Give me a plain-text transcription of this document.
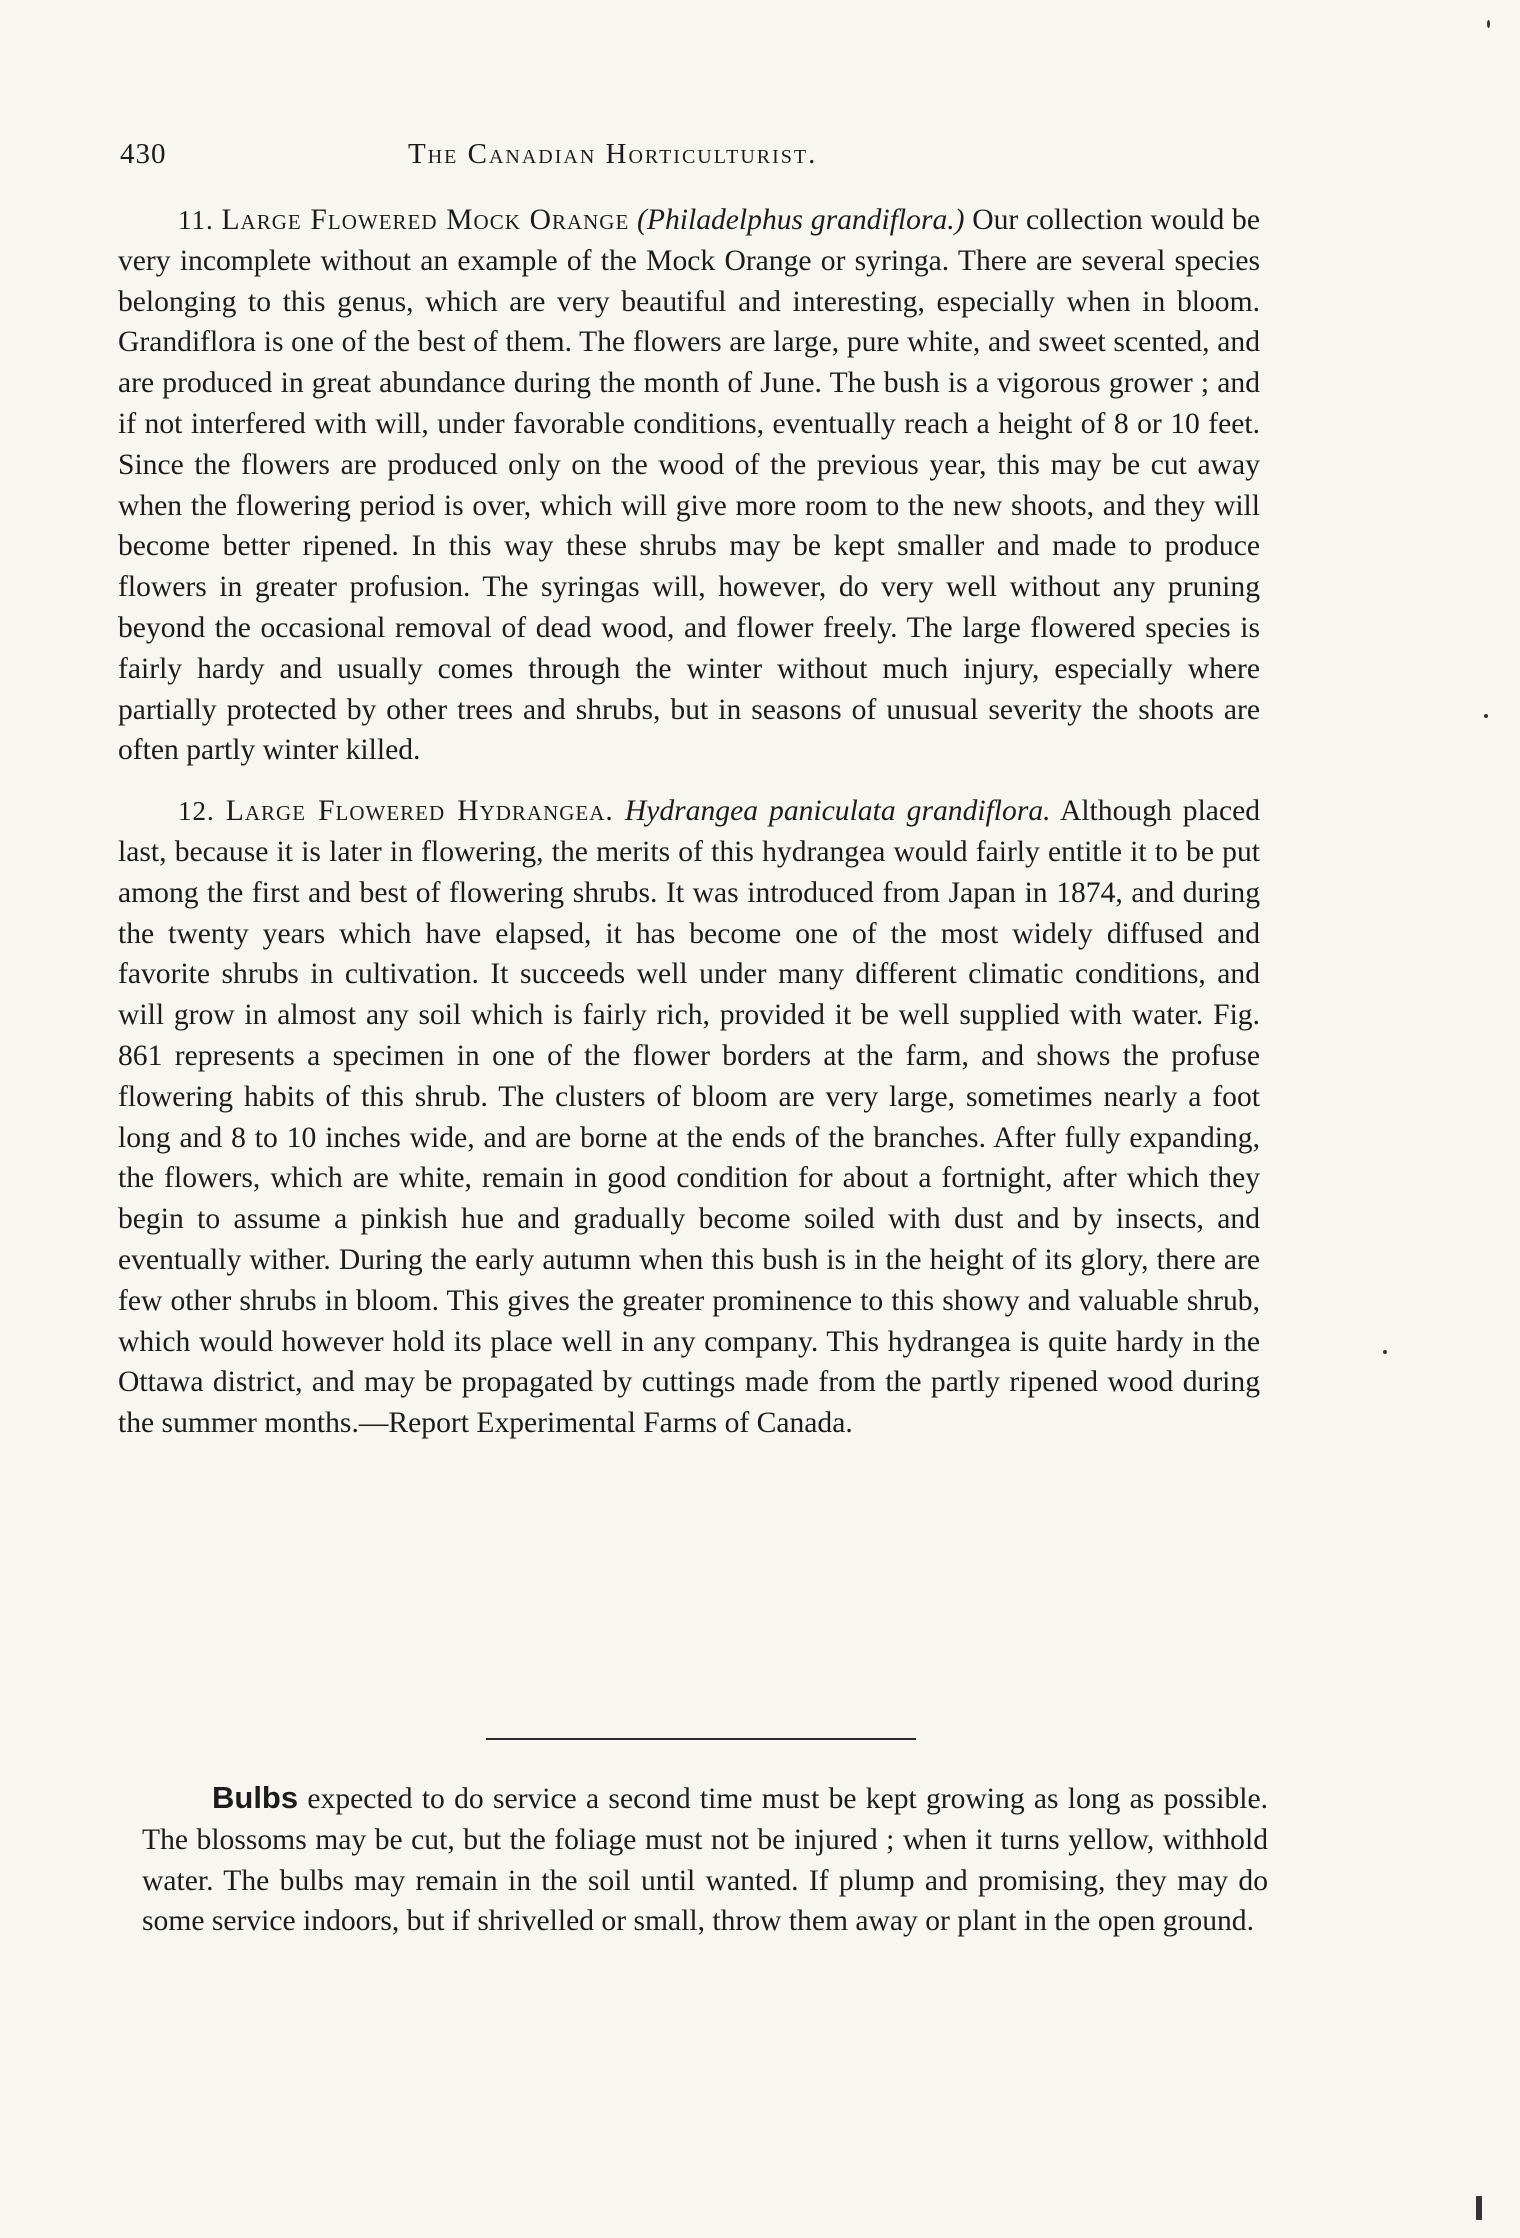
430	The Canadian Horticulturist.

11. Large Flowered Mock Orange (Philadelphus grandiflora.) Our collection would be very incomplete without an example of the Mock Orange or syringa. There are several species belonging to this genus, which are very beautiful and interesting, especially when in bloom. Grandiflora is one of the best of them. The flowers are large, pure white, and sweet scented, and are produced in great abundance during the month of June. The bush is a vigorous grower ; and if not interfered with will, under favorable conditions, eventually reach a height of 8 or 10 feet. Since the flowers are produced only on the wood of the previous year, this may be cut away when the flowering period is over, which will give more room to the new shoots, and they will become better ripened. In this way these shrubs may be kept smaller and made to produce flowers in greater profusion. The syringas will, however, do very well without any pruning beyond the occasional removal of dead wood, and flower freely. The large flowered species is fairly hardy and usually comes through the winter without much injury, especially where partially protected by other trees and shrubs, but in seasons of unusual severity the shoots are often partly winter killed.

12. Large Flowered Hydrangea. Hydrangea paniculata grandiflora. Although placed last, because it is later in flowering, the merits of this hydrangea would fairly entitle it to be put among the first and best of flowering shrubs. It was introduced from Japan in 1874, and during the twenty years which have elapsed, it has become one of the most widely diffused and favorite shrubs in cultivation. It succeeds well under many different climatic conditions, and will grow in almost any soil which is fairly rich, provided it be well supplied with water. Fig. 861 represents a specimen in one of the flower borders at the farm, and shows the profuse flowering habits of this shrub. The clusters of bloom are very large, sometimes nearly a foot long and 8 to 10 inches wide, and are borne at the ends of the branches. After fully expanding, the flowers, which are white, remain in good condition for about a fortnight, after which they begin to assume a pinkish hue and gradually become soiled with dust and by insects, and eventually wither. During the early autumn when this bush is in the height of its glory, there are few other shrubs in bloom. This gives the greater prominence to this showy and valuable shrub, which would however hold its place well in any company. This hydrangea is quite hardy in the Ottawa district, and may be propagated by cuttings made from the partly ripened wood during the summer months.—Report Experimental Farms of Canada.

Bulbs expected to do service a second time must be kept growing as long as possible. The blossoms may be cut, but the foliage must not be injured ; when it turns yellow, withhold water. The bulbs may remain in the soil until wanted. If plump and promising, they may do some service indoors, but if shrivelled or small, throw them away or plant in the open ground.
